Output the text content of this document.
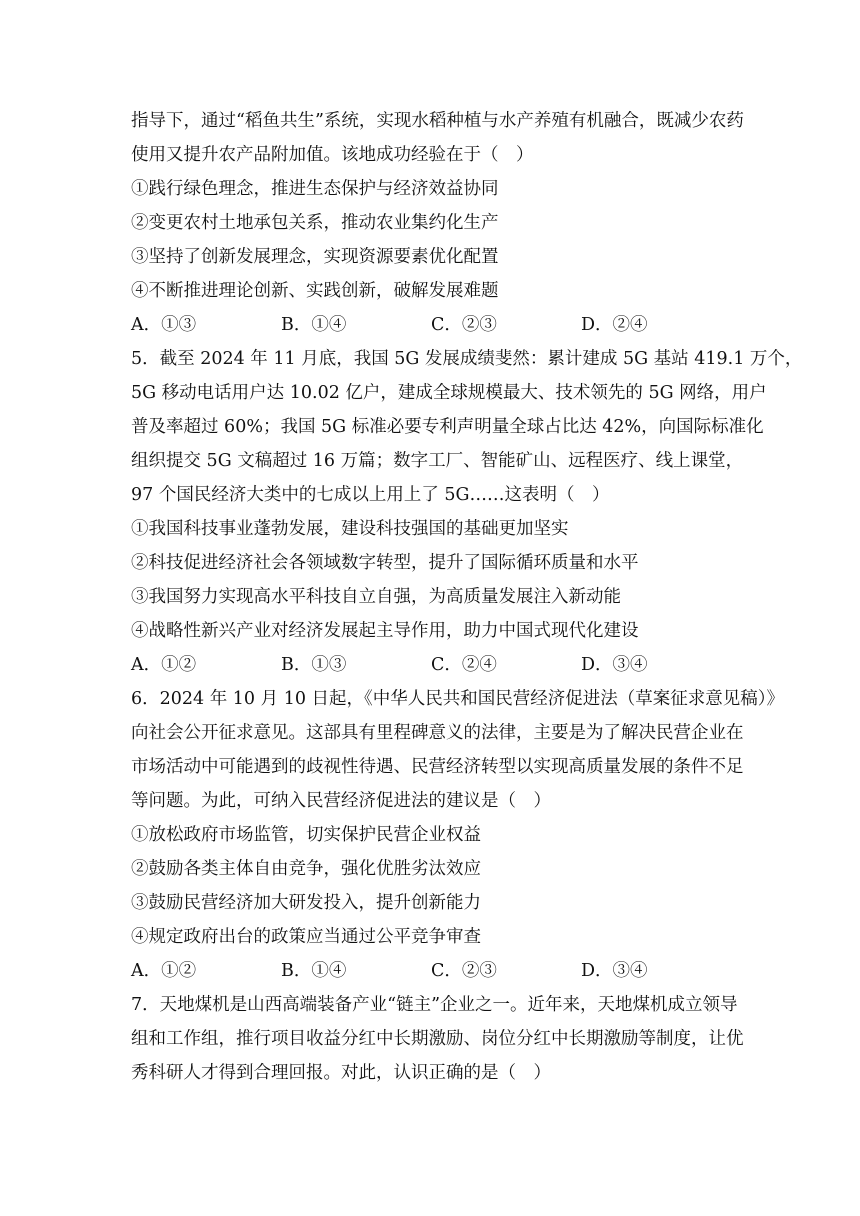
指导下，通过“稻鱼共生”系统，实现水稻种植与水产养殖有机融合，既减少农药
使用又提升农产品附加值。该地成功经验在于（　）
①践行绿色理念，推进生态保护与经济效益协同
②变更农村土地承包关系，推动农业集约化生产
③坚持了创新发展理念，实现资源要素优化配置
④不断推进理论创新、实践创新，破解发展难题
A．①③	B．①④	C．②③	D．②④
5．截至 2024 年 11 月底，我国 5G 发展成绩斐然：累计建成 5G 基站 419.1 万个，
5G 移动电话用户达 10.02 亿户，建成全球规模最大、技术领先的 5G 网络，用户
普及率超过 60%；我国 5G 标准必要专利声明量全球占比达 42%，向国际标准化
组织提交 5G 文稿超过 16 万篇；数字工厂、智能矿山、远程医疗、线上课堂，
97 个国民经济大类中的七成以上用上了 5G……这表明（　）
①我国科技事业蓬勃发展，建设科技强国的基础更加坚实
②科技促进经济社会各领域数字转型，提升了国际循环质量和水平
③我国努力实现高水平科技自立自强，为高质量发展注入新动能
④战略性新兴产业对经济发展起主导作用，助力中国式现代化建设
A．①②	B．①③	C．②④	D．③④
6．2024 年 10 月 10 日起，《中华人民共和国民营经济促进法（草案征求意见稿）》
向社会公开征求意见。这部具有里程碑意义的法律，主要是为了解决民营企业在
市场活动中可能遇到的歧视性待遇、民营经济转型以实现高质量发展的条件不足
等问题。为此，可纳入民营经济促进法的建议是（　）
①放松政府市场监管，切实保护民营企业权益
②鼓励各类主体自由竞争，强化优胜劣汰效应
③鼓励民营经济加大研发投入，提升创新能力
④规定政府出台的政策应当通过公平竞争审查
A．①②	B．①④	C．②③	D．③④
7．天地煤机是山西高端装备产业“链主”企业之一。近年来，天地煤机成立领导
组和工作组，推行项目收益分红中长期激励、岗位分红中长期激励等制度，让优
秀科研人才得到合理回报。对此，认识正确的是（　）
